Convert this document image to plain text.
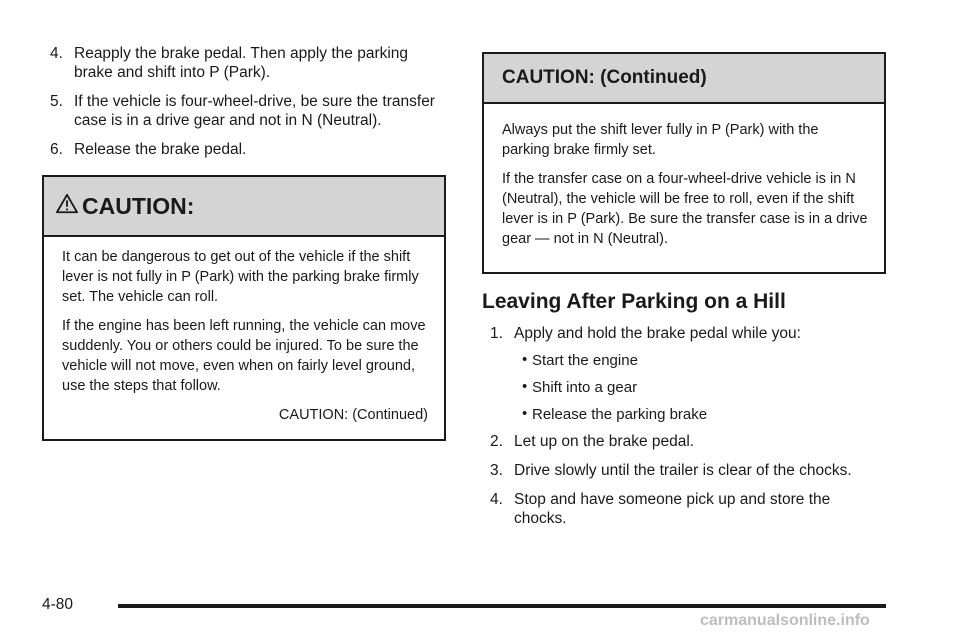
4. Reapply the brake pedal. Then apply the parking brake and shift into P (Park).
5. If the vehicle is four-wheel-drive, be sure the transfer case is in a drive gear and not in N (Neutral).
6. Release the brake pedal.
CAUTION:

It can be dangerous to get out of the vehicle if the shift lever is not fully in P (Park) with the parking brake firmly set. The vehicle can roll.

If the engine has been left running, the vehicle can move suddenly. You or others could be injured. To be sure the vehicle will not move, even when on fairly level ground, use the steps that follow.

CAUTION: (Continued)
CAUTION: (Continued)

Always put the shift lever fully in P (Park) with the parking brake firmly set.

If the transfer case on a four-wheel-drive vehicle is in N (Neutral), the vehicle will be free to roll, even if the shift lever is in P (Park). Be sure the transfer case is in a drive gear — not in N (Neutral).

Leaving After Parking on a Hill
1. Apply and hold the brake pedal while you:
• Start the engine
• Shift into a gear
• Release the parking brake
2. Let up on the brake pedal.
3. Drive slowly until the trailer is clear of the chocks.
4. Stop and have someone pick up and store the chocks.
4-80
carmanualsonline.info
